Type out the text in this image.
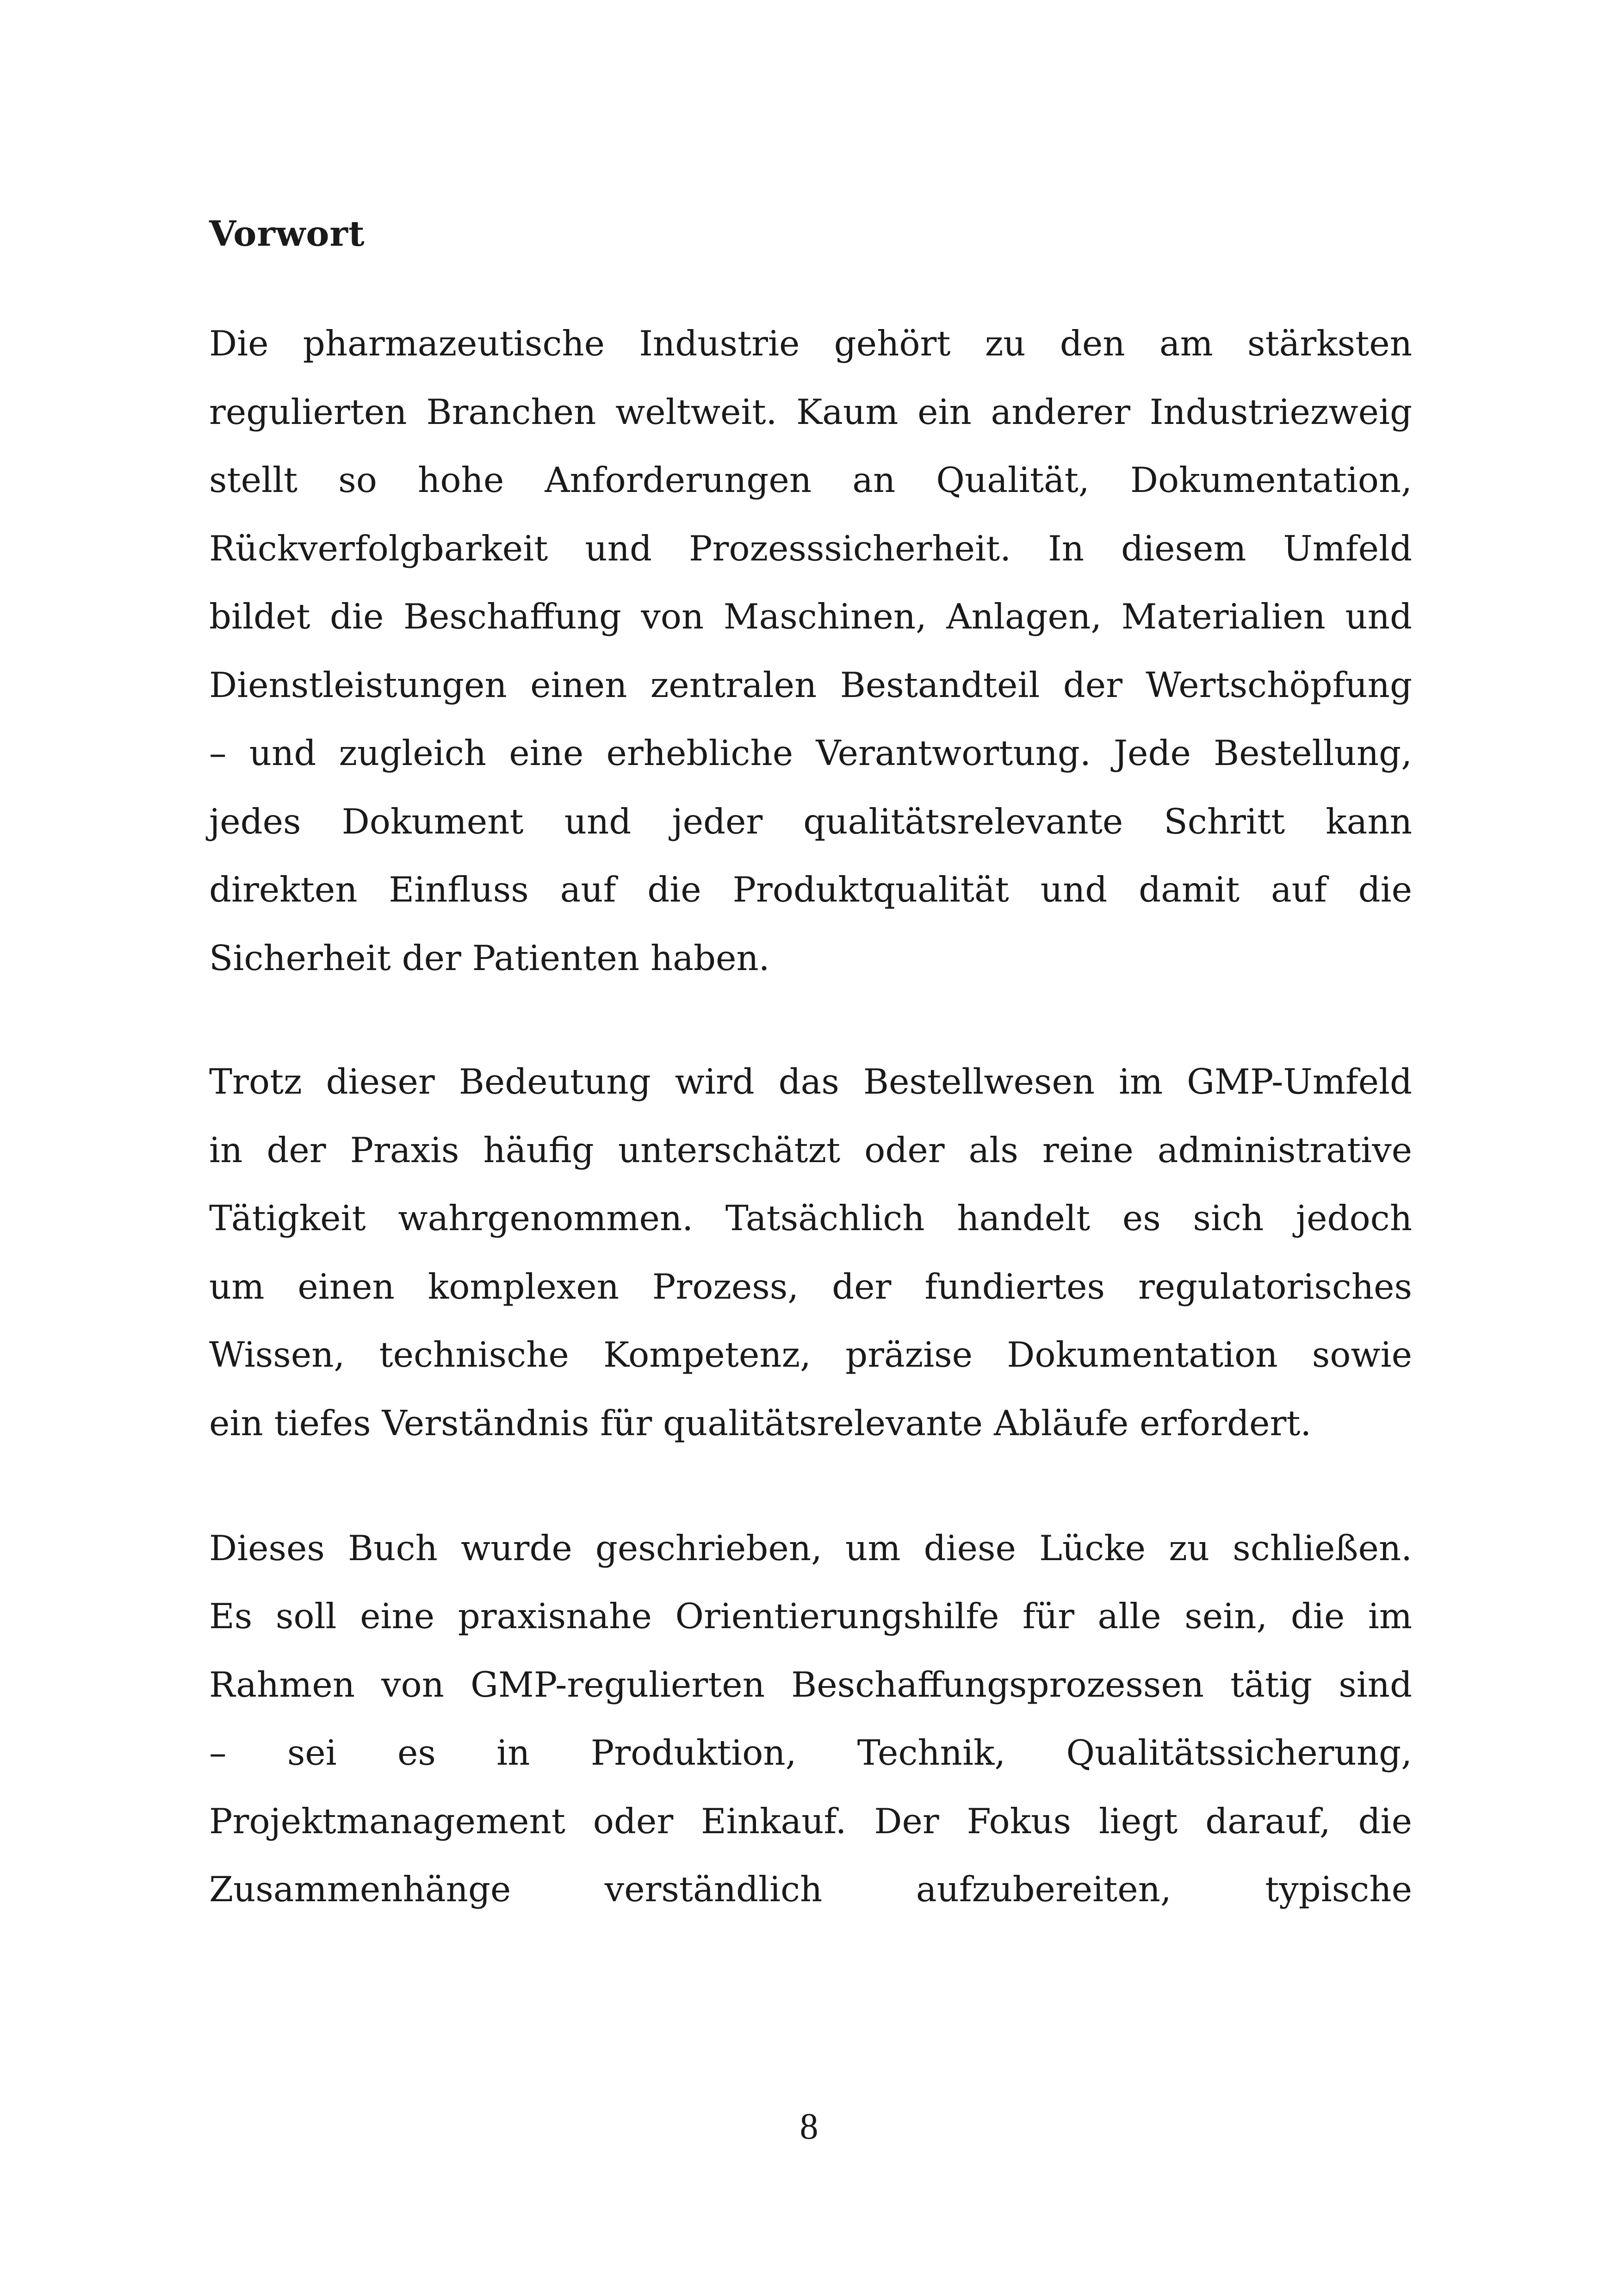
Vorwort

Die pharmazeutische Industrie gehört zu den am stärksten

regulierten Branchen weltweit. Kaum ein anderer Industriezweig

stellt so hohe Anforderungen an Qualität, Dokumentation,

Rückverfolgbarkeit und Prozesssicherheit. In diesem Umfeld

bildet die Beschaffung von Maschinen, Anlagen, Materialien und

Dienstleistungen einen zentralen Bestandteil der Wertschöpfung

– und zugleich eine erhebliche Verantwortung. Jede Bestellung,

jedes Dokument und jeder qualitätsrelevante Schritt kann

direkten Einfluss auf die Produktqualität und damit auf die

Sicherheit der Patienten haben.

Trotz dieser Bedeutung wird das Bestellwesen im GMP-Umfeld

in der Praxis häufig unterschätzt oder als reine administrative

Tätigkeit wahrgenommen. Tatsächlich handelt es sich jedoch

um einen komplexen Prozess, der fundiertes regulatorisches

Wissen, technische Kompetenz, präzise Dokumentation sowie

ein tiefes Verständnis für qualitätsrelevante Abläufe erfordert.

Dieses Buch wurde geschrieben, um diese Lücke zu schließen.

Es soll eine praxisnahe Orientierungshilfe für alle sein, die im

Rahmen von GMP-regulierten Beschaffungsprozessen tätig sind

– sei es in Produktion, Technik, Qualitätssicherung,

Projektmanagement oder Einkauf. Der Fokus liegt darauf, die

Zusammenhänge verständlich aufzubereiten, typische

8
